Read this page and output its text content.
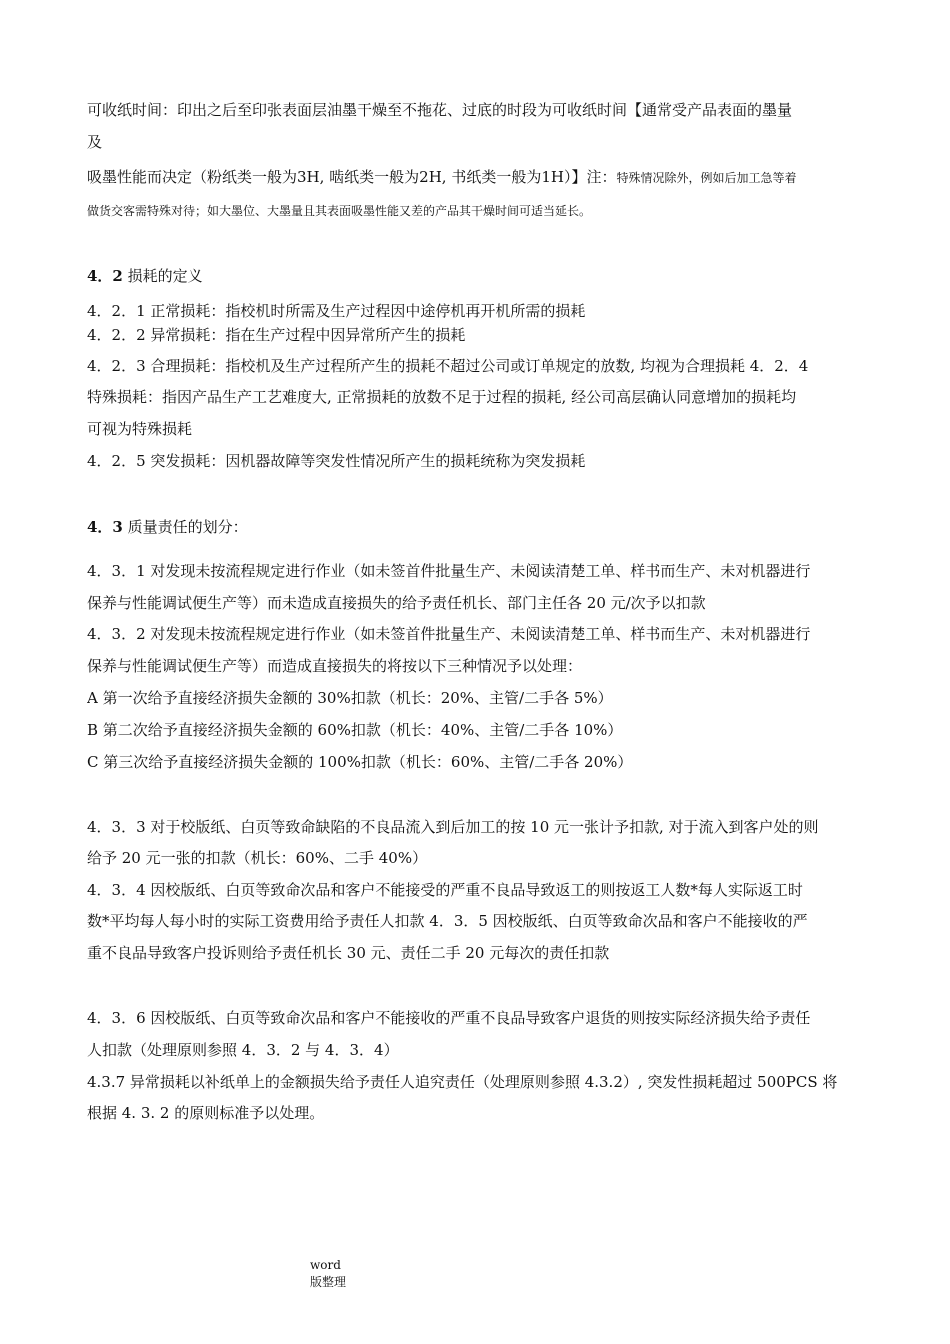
可收纸时间：印出之后至印张表面层油墨干燥至不拖花、过底的时段为可收纸时间【通常受产品表面的墨量
及
吸墨性能而决定（粉纸类一般为3H, 啮纸类一般为2H, 书纸类一般为1H）】注：特殊情况除外，例如后加工急等着
做货交客需特殊对待；如大墨位、大墨量且其表面吸墨性能又差的产品其干燥时间可适当延长。
4．2 损耗的定义
4．2．1 正常损耗：指校机时所需及生产过程因中途停机再开机所需的损耗
4．2．2 异常损耗：指在生产过程中因异常所产生的损耗
4．2．3 合理损耗：指校机及生产过程所产生的损耗不超过公司或订单规定的放数, 均视为合理损耗 4．2．4
特殊损耗：指因产品生产工艺难度大, 正常损耗的放数不足于过程的损耗, 经公司高层确认同意增加的损耗均
可视为特殊损耗
4．2．5 突发损耗：因机器故障等突发性情况所产生的损耗统称为突发损耗
4．3 质量责任的划分：
4．3．1 对发现未按流程规定进行作业（如未签首件批量生产、未阅读清楚工单、样书而生产、未对机器进行
保养与性能调试便生产等）而未造成直接损失的给予责任机长、部门主任各 20 元/次予以扣款
4．3．2 对发现未按流程规定进行作业（如未签首件批量生产、未阅读清楚工单、样书而生产、未对机器进行
保养与性能调试便生产等）而造成直接损失的将按以下三种情况予以处理：
A 第一次给予直接经济损失金额的 30%扣款（机长：20%、主管/二手各 5%）
B 第二次给予直接经济损失金额的 60%扣款（机长：40%、主管/二手各 10%）
C 第三次给予直接经济损失金额的 100%扣款（机长：60%、主管/二手各 20%）
4．3．3 对于校版纸、白页等致命缺陷的不良品流入到后加工的按 10 元一张计予扣款, 对于流入到客户处的则
给予 20 元一张的扣款（机长：60%、二手 40%）
4．3．4 因校版纸、白页等致命次品和客户不能接受的严重不良品导致返工的则按返工人数*每人实际返工时
数*平均每人每小时的实际工资费用给予责任人扣款 4．3．5 因校版纸、白页等致命次品和客户不能接收的严
重不良品导致客户投诉则给予责任机长 30 元、责任二手 20 元每次的责任扣款
4．3．6 因校版纸、白页等致命次品和客户不能接收的严重不良品导致客户退货的则按实际经济损失给予责任
人扣款（处理原则参照 4．3．2 与 4．3．4）
4.3.7 异常损耗以补纸单上的金额损失给予责任人追究责任（处理原则参照 4.3.2）, 突发性损耗超过 500PCS 将
根据 4. 3. 2 的原则标准予以处理。
word
版整理
